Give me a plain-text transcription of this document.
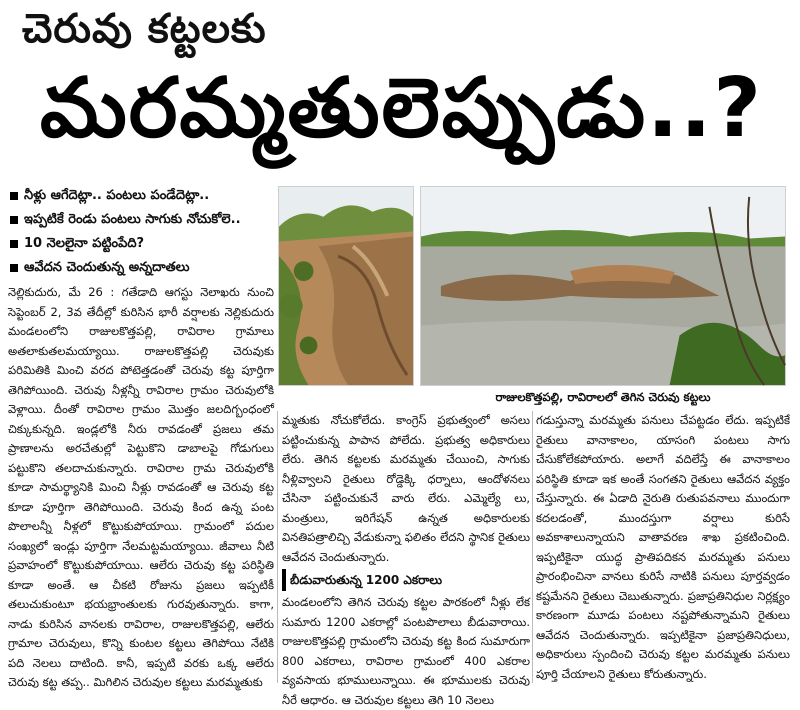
చెరువు కట్టలకు
మరమ్మతులెప్పుడు..?
నీళ్లు ఆగేదెట్లా.. పంటలు పండేదెట్లా..
ఇప్పటికే రెండు పంటలు సాగుకు నోచుకోలె..
10 నెలలైనా పట్టింపేది?
ఆవేదన చెందుతున్న అన్నదాతలు
రాజులకొత్తపల్లి, రావిరాలలో తెగిన చెరువు కట్టలు

నెల్లికుదురు, మే 26 : గతేడాది ఆగస్టు నెలాఖరు నుంచి సెప్టెంబర్ 2, 3వ తేదీల్లో కురిసిన భారీ వర్షాలకు నెల్లికుదురు మండలంలోని రాజులకొత్తపల్లి, రావిరాల గ్రామాలు అతలాకుతలమయ్యాయి. రాజులకొత్తపల్లి చెరువుకు పరిమితికి మించి వరద పోటెత్తడంతో చెరువు కట్ట పూర్తిగా తెగిపోయింది. చెరువు నీళ్లన్నీ రావిరాల గ్రామం చెరువులోకి వెళ్లాయి. దీంతో రావిరాల గ్రామం మొత్తం జలదిగ్బంధంలో చిక్కుకున్నది. ఇండ్లలోకి నీరు రావడంతో ప్రజలు తమ ప్రాణాలను అరచేతుల్లో పెట్టుకొని డాబాలపై గోడుగులు పట్టుకొని తలదాచుకున్నారు. రావిరాల గ్రామ చెరువులోకి కూడా సామర్థ్యానికి మించి నీళ్లు రావడంతో ఆ చెరువు కట్ట కూడా పూర్తిగా తెగిపోయింది. చెరువు కింద ఉన్న పంట పొలాలన్నీ నీళ్లలో కొట్టుకుపోయాయి. గ్రామంలో పదుల సంఖ్యలో ఇండ్లు పూర్తిగా నేలమట్టమయ్యాయి. జీవాలు నీటి ప్రవాహంలో కొట్టుకుపోయాయి. ఆలేరు చెరువు కట్ట పరిస్థితి కూడా అంతే. ఆ చీకటి రోజును ప్రజలు ఇప్పటికీ తలుచుకుంటూ భయభ్రాంతులకు గురవుతున్నారు. కాగా, నాడు కురిసిన వానలకు రావిరాల, రాజులకొత్తపల్లి, ఆలేరు గ్రామాల చెరువులు, కొన్ని కుంటల కట్టలు తెగిపోయి నేటికి పది నెలలు దాటింది. కానీ, ఇప్పటి వరకు ఒక్క ఆలేరు చెరువు కట్ట తప్ప.. మిగిలిన చెరువుల కట్టలు మరమ్మతుకు

మ్మతుకు నోచుకోలేదు. కాంగ్రెస్ ప్రభుత్వంలో అసలు పట్టించుకున్న పాపాన పోలేదు. ప్రభుత్వ అధికారులు లేరు. తెగిన కట్టలకు మరమ్మతు చేయించి, సాగుకు నీళ్లివ్వాలని రైతులు రోడ్డెక్కి ధర్నాలు, ఆందోళనలు చేసినా పట్టించుకునే వారు లేరు. ఎమ్మెల్యే లు, మంత్రులు, ఇరిగేషన్ ఉన్నత అధికారులకు వినతిపత్రాలిచ్చి వేడుకున్నా ఫలితం లేదని స్థానిక రైతులు ఆవేదన చెందుతున్నారు.

బీడువారుతున్న 1200 ఎకరాలు

మండలంలోని తెగిన చెరువు కట్టల పారకంలో నీళ్లు లేక సుమారు 1200 ఎకరాల్లో పంటపొలాలు బీడువారాయి. రాజులకొత్తపల్లి గ్రామంలోని చెరువు కట్ట కింద సుమారుగా 800 ఎకరాలు, రావిరాల గ్రామంలో 400 ఎకరాల వ్యవసాయ భూములున్నాయి. ఈ భూములకు చెరువు నీరే ఆధారం. ఆ చెరువుల కట్టలు తెగి 10 నెలలు

గడుస్తున్నా మరమ్మతు పనులు చేపట్టడం లేదు. ఇప్పటికే రైతులు వానాకాలం, యాసంగి పంటలు సాగు చేసుకోలేకపోయారు. అలాగే వదిలేస్తే ఈ వానాకాలం పరిస్థితి కూడా ఇక అంతే సంగతని రైతులు ఆవేదన వ్యక్తం చేస్తున్నారు. ఈ ఏడాది నైరుతి రుతుపవనాలు ముందుగా కదలడంతో, ముందస్తుగా వర్షాలు కురిసే అవకాశాలున్నాయని వాతావరణ శాఖ ప్రకటించింది. ఇప్పటికైనా యుద్ధ ప్రాతిపదికన మరమ్మతు పనులు ప్రారంభించినా వానలు కురిసే నాటికి పనులు పూర్తవ్వడం కష్టమేనని రైతులు చెబుతున్నారు. ప్రజాప్రతినిధుల నిర్లక్ష్యం కారణంగా మూడు పంటలు నష్టపోతున్నామని రైతులు ఆవేదన చెందుతున్నారు. ఇప్పటికైనా ప్రజాప్రతినిధులు, అధికారులు స్పందించి చెరువు కట్టల మరమ్మతు పనులు పూర్తి చేయాలని రైతులు కోరుతున్నారు.
